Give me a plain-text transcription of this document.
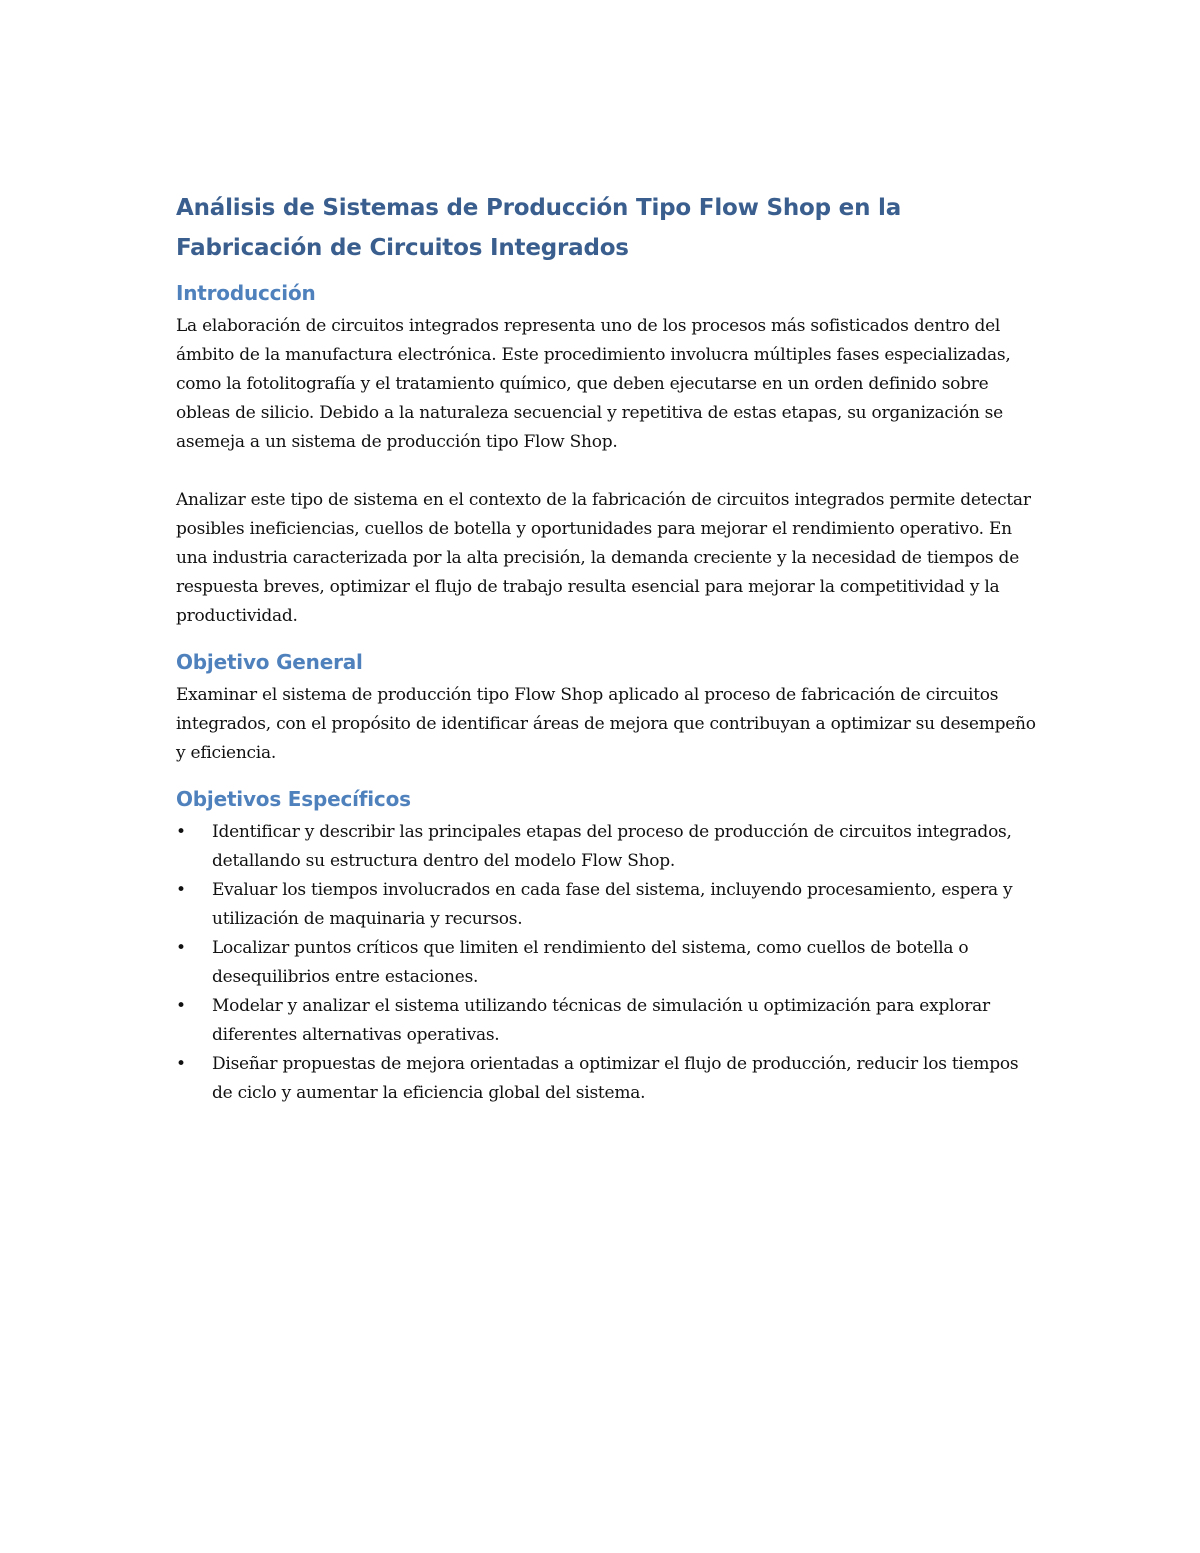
Análisis de Sistemas de Producción Tipo Flow Shop en la Fabricación de Circuitos Integrados
Introducción

La elaboración de circuitos integrados representa uno de los procesos más sofisticados dentro del ámbito de la manufactura electrónica. Este procedimiento involucra múltiples fases especializadas, como la fotolitografía y el tratamiento químico, que deben ejecutarse en un orden definido sobre obleas de silicio. Debido a la naturaleza secuencial y repetitiva de estas etapas, su organización se asemeja a un sistema de producción tipo Flow Shop.

Analizar este tipo de sistema en el contexto de la fabricación de circuitos integrados permite detectar posibles ineficiencias, cuellos de botella y oportunidades para mejorar el rendimiento operativo. En una industria caracterizada por la alta precisión, la demanda creciente y la necesidad de tiempos de respuesta breves, optimizar el flujo de trabajo resulta esencial para mejorar la competitividad y la productividad.

Objetivo General

Examinar el sistema de producción tipo Flow Shop aplicado al proceso de fabricación de circuitos integrados, con el propósito de identificar áreas de mejora que contribuyan a optimizar su desempeño y eficiencia.

Objetivos Específicos
• Identificar y describir las principales etapas del proceso de producción de circuitos integrados, detallando su estructura dentro del modelo Flow Shop.
• Evaluar los tiempos involucrados en cada fase del sistema, incluyendo procesamiento, espera y utilización de maquinaria y recursos.
• Localizar puntos críticos que limiten el rendimiento del sistema, como cuellos de botella o desequilibrios entre estaciones.
• Modelar y analizar el sistema utilizando técnicas de simulación u optimización para explorar diferentes alternativas operativas.
• Diseñar propuestas de mejora orientadas a optimizar el flujo de producción, reducir los tiempos de ciclo y aumentar la eficiencia global del sistema.
